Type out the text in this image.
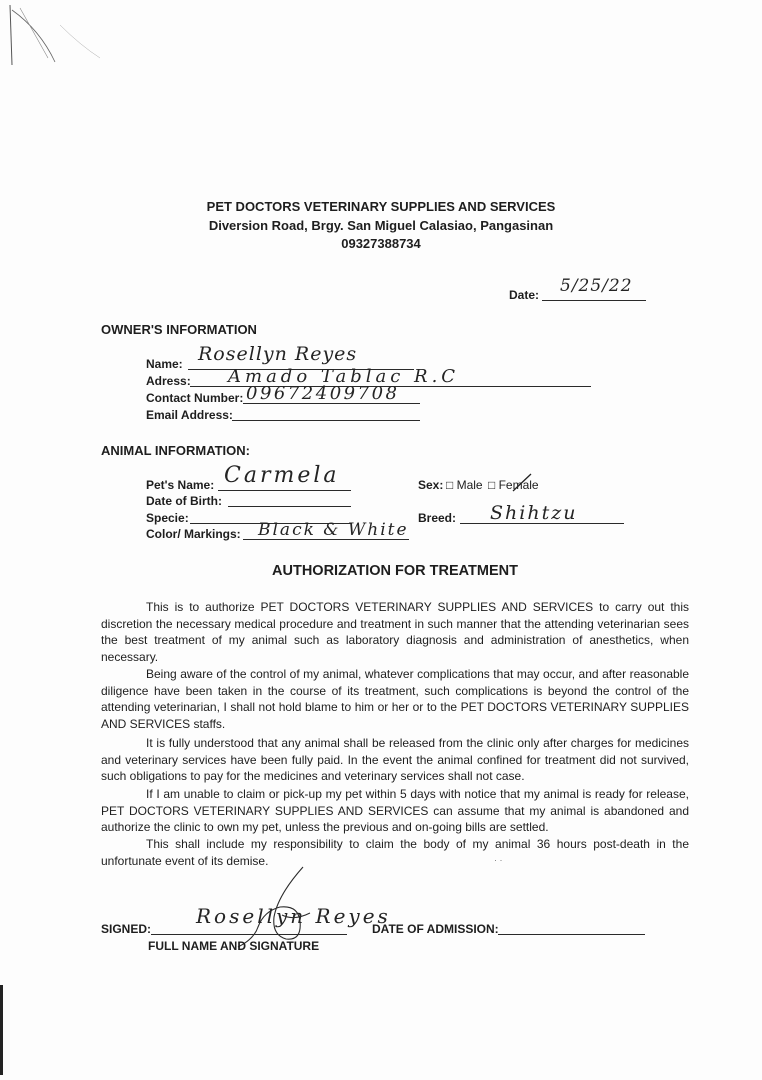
PET DOCTORS VETERINARY SUPPLIES AND SERVICES
Diversion Road, Brgy. San Miguel Calasiao, Pangasinan
09327388734
Date: 5/25/22
OWNER'S INFORMATION
Name: Rosellyn Reyes
Adress: Amado Tablac R.C
Contact Number: 09672409708
Email Address:
ANIMAL INFORMATION:
Pet's Name: Carmela
Date of Birth:
Specie:
Color/ Markings: Black & White
Sex: □ Male □ Female
Breed: Shihtzu
AUTHORIZATION FOR TREATMENT
This is to authorize PET DOCTORS VETERINARY SUPPLIES AND SERVICES to carry out this discretion the necessary medical procedure and treatment in such manner that the attending veterinarian sees the best treatment of my animal such as laboratory diagnosis and administration of anesthetics, when necessary.
Being aware of the control of my animal, whatever complications that may occur, and after reasonable diligence have been taken in the course of its treatment, such complications is beyond the control of the attending veterinarian, I shall not hold blame to him or her or to the PET DOCTORS VETERINARY SUPPLIES AND SERVICES staffs.
It is fully understood that any animal shall be released from the clinic only after charges for medicines and veterinary services have been fully paid. In the event the animal confined for treatment did not survived, such obligations to pay for the medicines and veterinary services shall not case.
If I am unable to claim or pick-up my pet within 5 days with notice that my animal is ready for release, PET DOCTORS VETERINARY SUPPLIES AND SERVICES can assume that my animal is abandoned and authorize the clinic to own my pet, unless the previous and on-going bills are settled.
This shall include my responsibility to claim the body of my animal 36 hours post-death in the unfortunate event of its demise.	· ·
SIGNED:
Rosellyn Reyes
FULL NAME AND SIGNATURE
DATE OF ADMISSION:
